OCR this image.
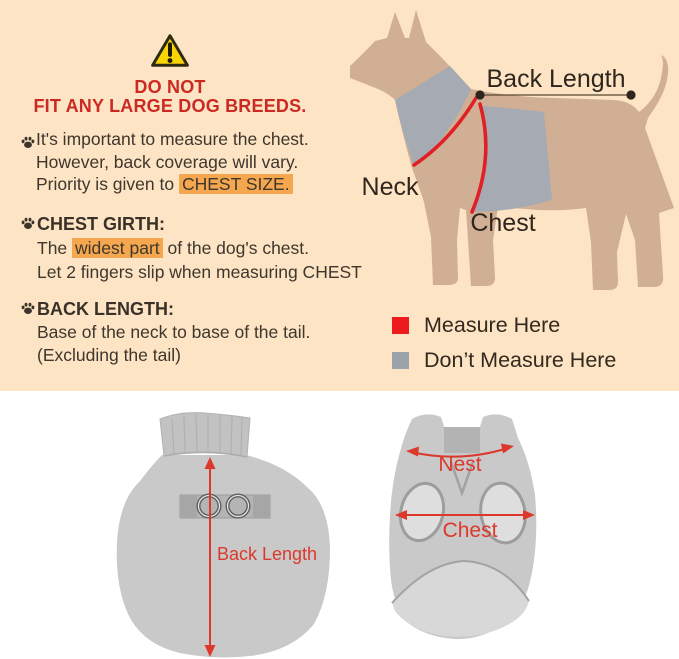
DO NOT
FIT ANY LARGE DOG BREEDS.
It's important to measure the chest.
However, back coverage will vary.
Priority is given to CHEST SIZE.
CHEST GIRTH:
The widest part of the dog's chest.
Let 2 fingers slip when measuring CHEST
BACK LENGTH:
Base of the neck to base of the tail.
(Excluding the tail)
Back Length
Neck
Chest
Measure Here
Don’t Measure Here
Back Length
Nest
Chest
